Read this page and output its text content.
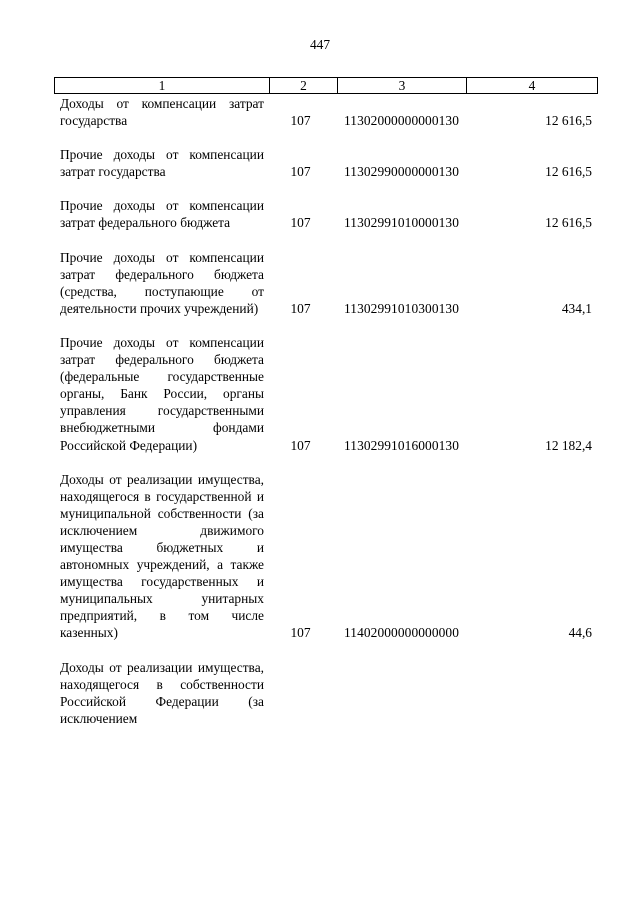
447
1	2	3	4
Доходы от компенсации затрат государства	107	11302000000000130	12 616,5
Прочие доходы от компенсации затрат государства	107	11302990000000130	12 616,5
Прочие доходы от компенсации затрат федерального бюджета	107	11302991010000130	12 616,5
Прочие доходы от компенсации затрат федерального бюджета (средства, поступающие от деятельности прочих учреждений)	107	11302991010300130	434,1
Прочие доходы от компенсации затрат федерального бюджета (федеральные государственные органы, Банк России, органы управления государственными внебюджетными фондами Российской Федерации)	107	11302991016000130	12 182,4
Доходы от реализации имущества, находящегося в государственной и муниципальной собственности (за исключением движимого имущества бюджетных и автономных учреждений, а также имущества государственных и муниципальных унитарных предприятий, в том числе казенных)	107	11402000000000000	44,6
Доходы от реализации имущества, находящегося в собственности Российской Федерации (за исключением
